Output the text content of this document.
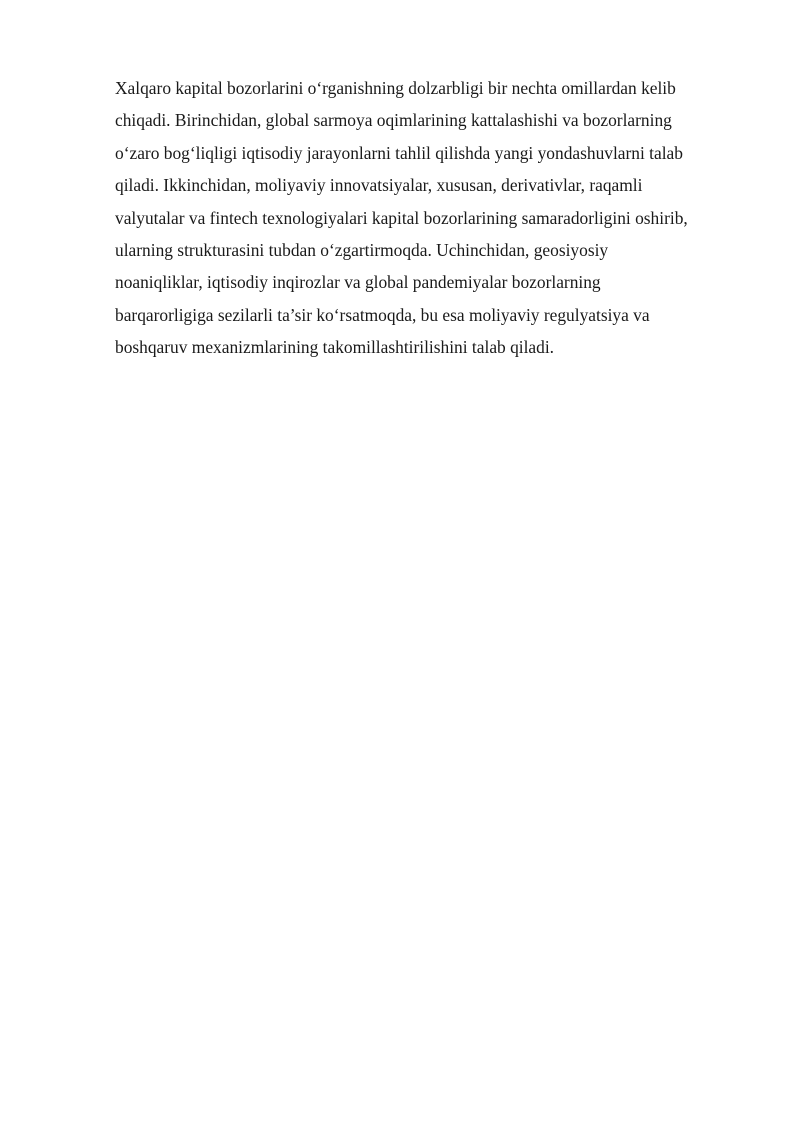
Xalqaro kapital bozorlarini o‘rganishning dolzarbligi bir nechta omillardan kelib
chiqadi. Birinchidan, global sarmoya oqimlarining kattalashishi va bozorlarning
o‘zaro bog‘liqligi iqtisodiy jarayonlarni tahlil qilishda yangi yondashuvlarni talab
qiladi. Ikkinchidan, moliyaviy innovatsiyalar, xususan, derivativlar, raqamli
valyutalar va fintech texnologiyalari kapital bozorlarining samaradorligini oshirib,
ularning strukturasini tubdan o‘zgartirmoqda. Uchinchidan, geosiyosiy
noaniqliklar, iqtisodiy inqirozlar va global pandemiyalar bozorlarning
barqarorligiga sezilarli ta’sir ko‘rsatmoqda, bu esa moliyaviy regulyatsiya va
boshqaruv mexanizmlarining takomillashtirilishini talab qiladi.
